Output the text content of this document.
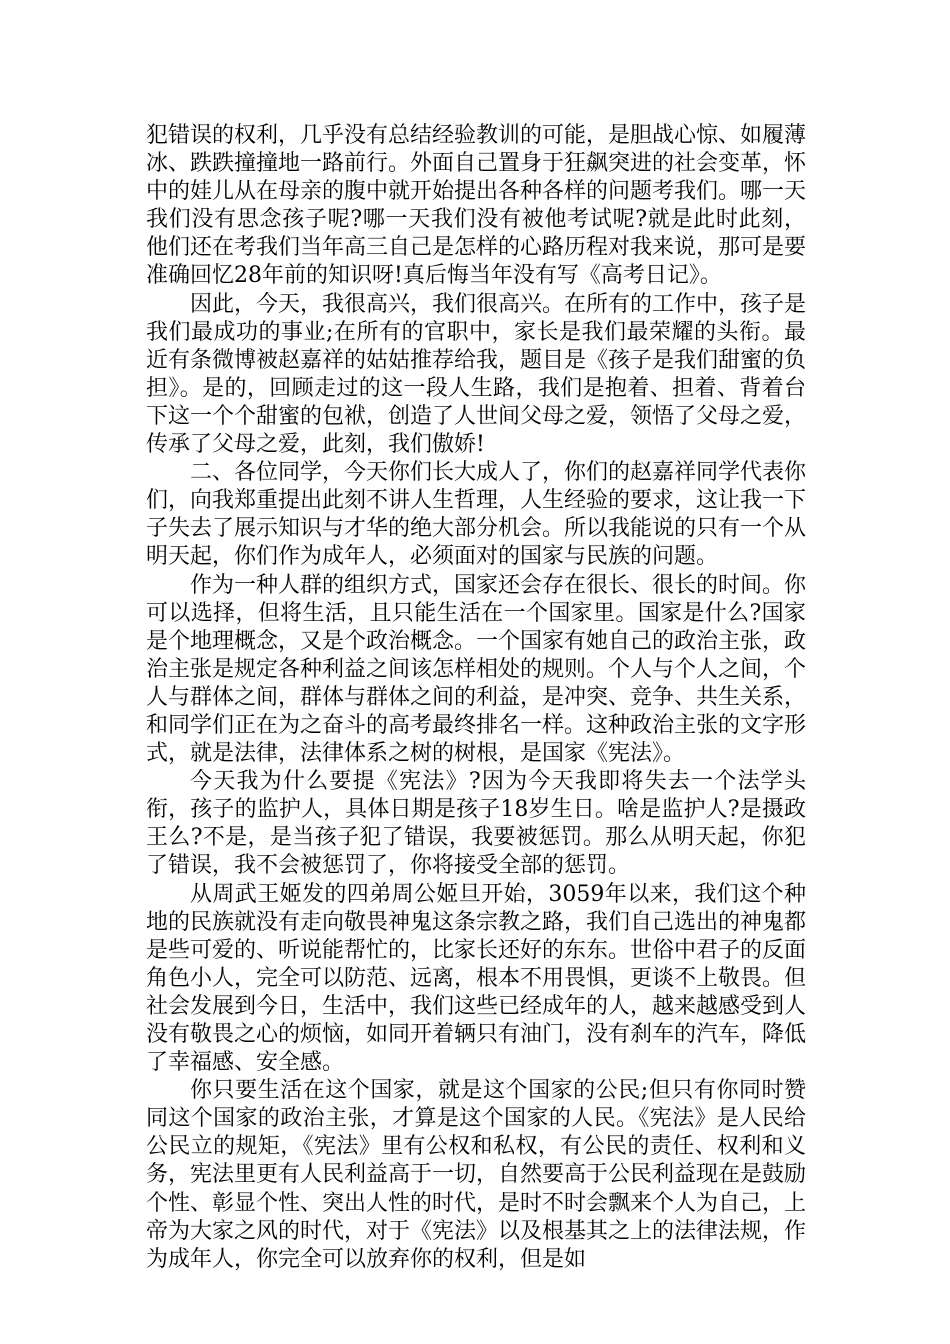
犯错误的权利，几乎没有总结经验教训的可能，是胆战心惊、如履薄冰、跌跌撞撞地一路前行。外面自己置身于狂飙突进的社会变革，怀中的娃儿从在母亲的腹中就开始提出各种各样的问题考我们。哪一天我们没有思念孩子呢?哪一天我们没有被他考试呢?就是此时此刻，他们还在考我们当年高三自己是怎样的心路历程对我来说，那可是要准确回忆28年前的知识呀!真后悔当年没有写《高考日记》。

因此，今天，我很高兴，我们很高兴。在所有的工作中，孩子是我们最成功的事业;在所有的官职中，家长是我们最荣耀的头衔。最近有条微博被赵嘉祥的姑姑推荐给我，题目是《孩子是我们甜蜜的负担》。是的，回顾走过的这一段人生路，我们是抱着、担着、背着台下这一个个甜蜜的包袱，创造了人世间父母之爱，领悟了父母之爱，传承了父母之爱，此刻，我们傲娇!

二、各位同学，今天你们长大成人了，你们的赵嘉祥同学代表你们，向我郑重提出此刻不讲人生哲理，人生经验的要求，这让我一下子失去了展示知识与才华的绝大部分机会。所以我能说的只有一个从明天起，你们作为成年人，必须面对的国家与民族的问题。

作为一种人群的组织方式，国家还会存在很长、很长的时间。你可以选择，但将生活，且只能生活在一个国家里。国家是什么?国家是个地理概念，又是个政治概念。一个国家有她自己的政治主张，政治主张是规定各种利益之间该怎样相处的规则。个人与个人之间，个人与群体之间，群体与群体之间的利益，是冲突、竞争、共生关系，和同学们正在为之奋斗的高考最终排名一样。这种政治主张的文字形式，就是法律，法律体系之树的树根，是国家《宪法》。

今天我为什么要提《宪法》?因为今天我即将失去一个法学头衔，孩子的监护人，具体日期是孩子18岁生日。啥是监护人?是摄政王么?不是，是当孩子犯了错误，我要被惩罚。那么从明天起，你犯了错误，我不会被惩罚了，你将接受全部的惩罚。

从周武王姬发的四弟周公姬旦开始，3059年以来，我们这个种地的民族就没有走向敬畏神鬼这条宗教之路，我们自己选出的神鬼都是些可爱的、听说能帮忙的，比家长还好的东东。世俗中君子的反面角色小人，完全可以防范、远离，根本不用畏惧，更谈不上敬畏。但社会发展到今日，生活中，我们这些已经成年的人，越来越感受到人没有敬畏之心的烦恼，如同开着辆只有油门，没有刹车的汽车，降低了幸福感、安全感。

你只要生活在这个国家，就是这个国家的公民;但只有你同时赞同这个国家的政治主张，才算是这个国家的人民。《宪法》是人民给公民立的规矩，《宪法》里有公权和私权，有公民的责任、权利和义务，宪法里更有人民利益高于一切，自然要高于公民利益现在是鼓励个性、彰显个性、突出人性的时代，是时不时会飘来个人为自己，上帝为大家之风的时代，对于《宪法》以及根基其之上的法律法规，作为成年人，你完全可以放弃你的权利，但是如
